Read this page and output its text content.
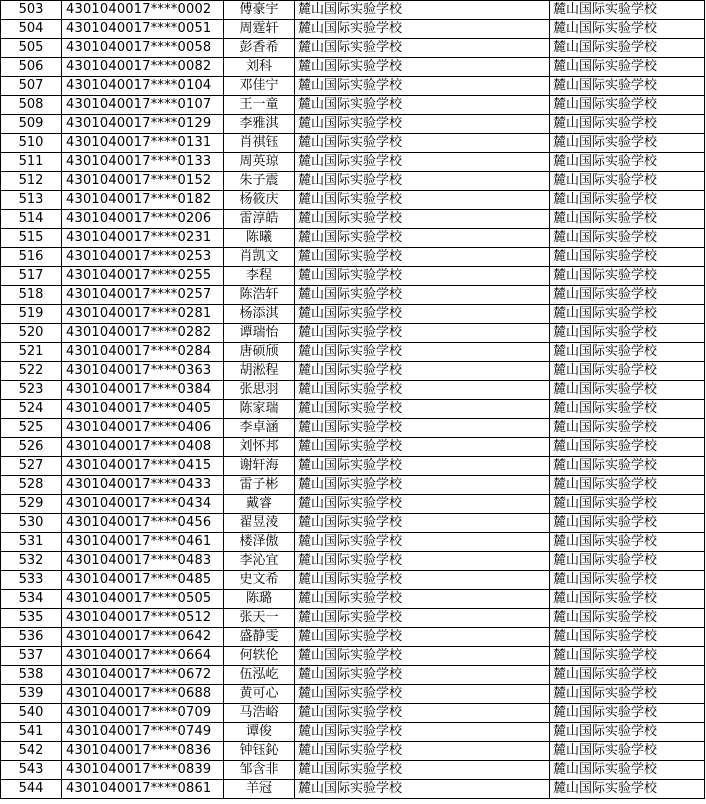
503	4301040017****0002	傅豪宇	麓山国际实验学校	麓山国际实验学校
504	4301040017****0051	周霆轩	麓山国际实验学校	麓山国际实验学校
505	4301040017****0058	彭香希	麓山国际实验学校	麓山国际实验学校
506	4301040017****0082	刘科	麓山国际实验学校	麓山国际实验学校
507	4301040017****0104	邓佳宁	麓山国际实验学校	麓山国际实验学校
508	4301040017****0107	王一童	麓山国际实验学校	麓山国际实验学校
509	4301040017****0129	李雅淇	麓山国际实验学校	麓山国际实验学校
510	4301040017****0131	肖祺钰	麓山国际实验学校	麓山国际实验学校
511	4301040017****0133	周英琼	麓山国际实验学校	麓山国际实验学校
512	4301040017****0152	朱子震	麓山国际实验学校	麓山国际实验学校
513	4301040017****0182	杨筱庆	麓山国际实验学校	麓山国际实验学校
514	4301040017****0206	雷淳皓	麓山国际实验学校	麓山国际实验学校
515	4301040017****0231	陈曦	麓山国际实验学校	麓山国际实验学校
516	4301040017****0253	肖凯文	麓山国际实验学校	麓山国际实验学校
517	4301040017****0255	李程	麓山国际实验学校	麓山国际实验学校
518	4301040017****0257	陈浩轩	麓山国际实验学校	麓山国际实验学校
519	4301040017****0281	杨添淇	麓山国际实验学校	麓山国际实验学校
520	4301040017****0282	谭瑞怡	麓山国际实验学校	麓山国际实验学校
521	4301040017****0284	唐硕颀	麓山国际实验学校	麓山国际实验学校
522	4301040017****0363	胡淞程	麓山国际实验学校	麓山国际实验学校
523	4301040017****0384	张思羽	麓山国际实验学校	麓山国际实验学校
524	4301040017****0405	陈家瑞	麓山国际实验学校	麓山国际实验学校
525	4301040017****0406	李卓涵	麓山国际实验学校	麓山国际实验学校
526	4301040017****0408	刘怀邦	麓山国际实验学校	麓山国际实验学校
527	4301040017****0415	谢轩海	麓山国际实验学校	麓山国际实验学校
528	4301040017****0433	雷子彬	麓山国际实验学校	麓山国际实验学校
529	4301040017****0434	戴睿	麓山国际实验学校	麓山国际实验学校
530	4301040017****0456	翟昱淩	麓山国际实验学校	麓山国际实验学校
531	4301040017****0461	楼泽傲	麓山国际实验学校	麓山国际实验学校
532	4301040017****0483	李沁宜	麓山国际实验学校	麓山国际实验学校
533	4301040017****0485	史文希	麓山国际实验学校	麓山国际实验学校
534	4301040017****0505	陈璐	麓山国际实验学校	麓山国际实验学校
535	4301040017****0512	张天一	麓山国际实验学校	麓山国际实验学校
536	4301040017****0642	盛静雯	麓山国际实验学校	麓山国际实验学校
537	4301040017****0664	何轶伦	麓山国际实验学校	麓山国际实验学校
538	4301040017****0672	伍泓屹	麓山国际实验学校	麓山国际实验学校
539	4301040017****0688	黄可心	麓山国际实验学校	麓山国际实验学校
540	4301040017****0709	马浩峪	麓山国际实验学校	麓山国际实验学校
541	4301040017****0749	谭俊	麓山国际实验学校	麓山国际实验学校
542	4301040017****0836	钟钰鈊	麓山国际实验学校	麓山国际实验学校
543	4301040017****0839	邹含非	麓山国际实验学校	麓山国际实验学校
544	4301040017****0861	羊冠	麓山国际实验学校	麓山国际实验学校
